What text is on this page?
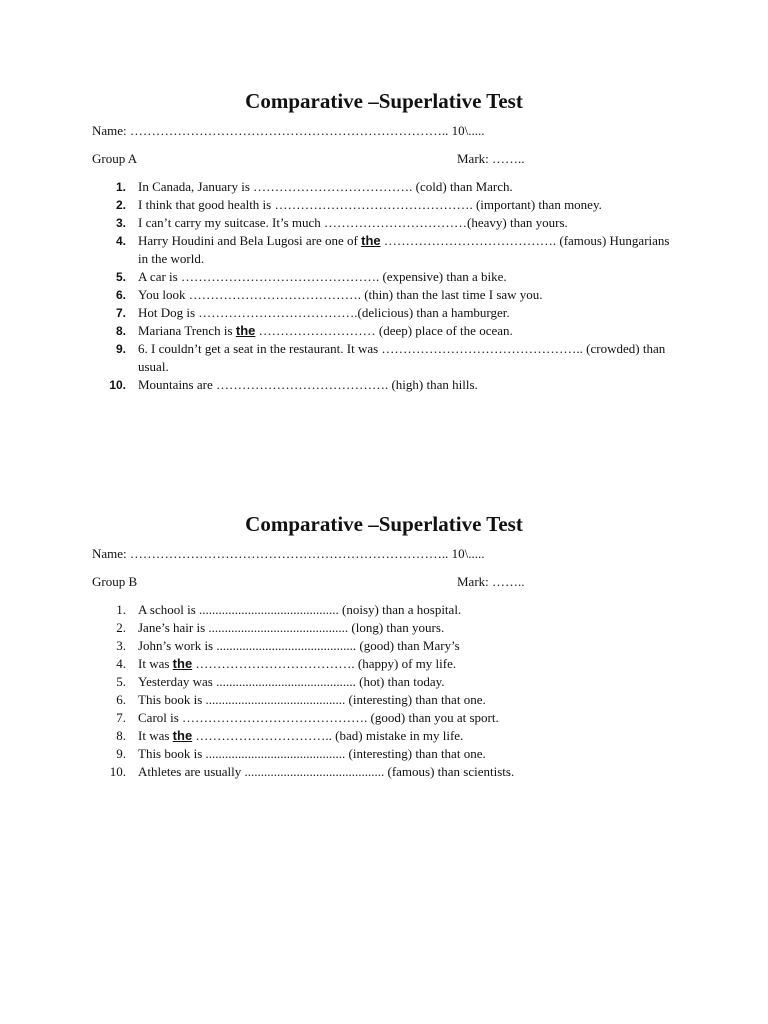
Comparative –Superlative Test
Name: ……………………………………………………………….. 10\.....
Group A	Mark: ……..
1. In Canada, January is ………………………………. (cold) than March.
2. I think that good health is ………………………………………. (important) than money.
3. I can’t carry my suitcase. It’s much ……………………………(heavy) than yours.
4. Harry Houdini and Bela Lugosi are one of the …………………………………. (famous) Hungarians in the world.
5. A car is ………………………………………. (expensive) than a bike.
6. You look …………………………………. (thin) than the last time I saw you.
7. Hot Dog is ……………………………….(delicious) than a hamburger.
8. Mariana Trench is the ……………………… (deep) place of the ocean.
9. 6. I couldn’t get a seat in the restaurant. It was ……………………………………….. (crowded) than usual.
10. Mountains are …………………………………. (high) than hills.
Comparative –Superlative Test
Name: ……………………………………………………………….. 10\.....
Group B	Mark: ……..
1. A school is ........................................... (noisy) than a hospital.
2. Jane’s hair is ........................................... (long) than yours.
3. John’s work is ........................................... (good) than Mary’s
4. It was the ………………………………. (happy) of my life.
5. Yesterday was ........................................... (hot) than today.
6. This book is ........................................... (interesting) than that one.
7. Carol is ……………………………………. (good) than you at sport.
8. It was the ………………………….. (bad) mistake in my life.
9. This book is ........................................... (interesting) than that one.
10. Athletes are usually ........................................... (famous) than scientists.
